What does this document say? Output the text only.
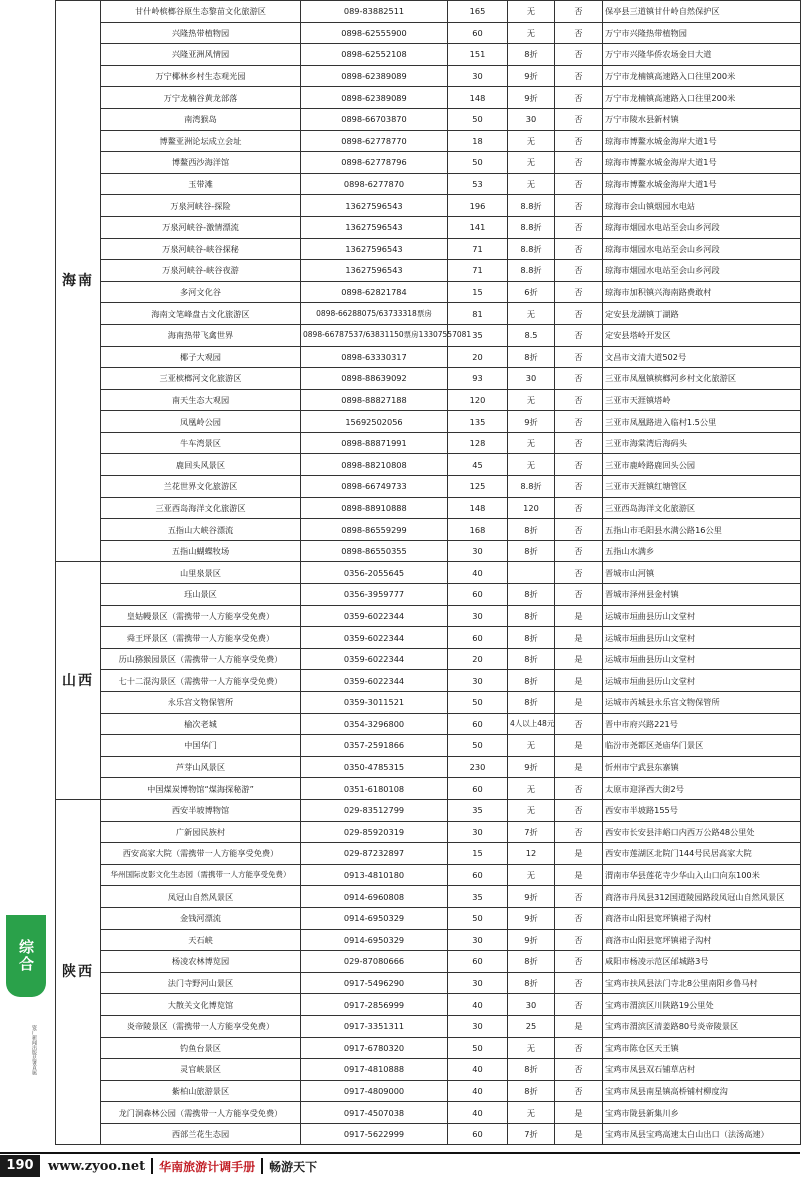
综合
资广新闻出版总署直属
海南	甘什岭槟榔谷原生态黎苗文化旅游区	089-83882511	165	无	否	保亭县三道镇甘什岭自然保护区
	兴隆热带植物园	0898-62555900	60	无	否	万宁市兴隆热带植物园
	兴隆亚洲风情园	0898-62552108	151	8折	否	万宁市兴隆华侨农场金日大道
	万宁椰林乡村生态观光园	0898-62389089	30	9折	否	万宁市龙楠镇高速路入口往里200米
	万宁龙楠谷黄龙部落	0898-62389089	148	9折	否	万宁市龙楠镇高速路入口往里200米
	南湾猴岛	0898-66703870	50	30	否	万宁市陵水县新村镇
	博鳌亚洲论坛成立会址	0898-62778770	18	无	否	琼海市博鳌水城金海岸大道1号
	博鳌西沙海洋馆	0898-62778796	50	无	否	琼海市博鳌水城金海岸大道1号
	玉带滩	0898-6277870	53	无	否	琼海市博鳌水城金海岸大道1号
	万泉河峡谷-探险	13627596543	196	8.8折	否	琼海市会山镇烟园水电站
	万泉河峡谷-激情漂流	13627596543	141	8.8折	否	琼海市烟园水电站至会山乡河段
	万泉河峡谷-峡谷探秘	13627596543	71	8.8折	否	琼海市烟园水电站至会山乡河段
	万泉河峡谷-峡谷夜游	13627596543	71	8.8折	否	琼海市烟园水电站至会山乡河段
	多河文化谷	0898-62821784	15	6折	否	琼海市加积镇兴海南路费敢村
	海南文笔峰盘古文化旅游区	0898-66288075/63733318票房	81	无	否	定安县龙湖镇丁湖路
	海南热带飞禽世界	0898-66787537/63831150票房13307557081	35	8.5	否	定安县塔岭开发区
	椰子大观园	0898-63330317	20	8折	否	文昌市文清大道502号
	三亚槟榔河文化旅游区	0898-88639092	93	30	否	三亚市凤凰镇槟榔河乡村文化旅游区
	南天生态大观园	0898-88827188	120	无	否	三亚市天涯镇塔岭
	凤凰岭公园	15692502056	135	9折	否	三亚市凤凰路进入临村1.5公里
	牛车湾景区	0898-88871991	128	无	否	三亚市海棠湾后海码头
	鹿回头风景区	0898-88210808	45	无	否	三亚市鹿岭路鹿回头公园
	兰花世界文化旅游区	0898-66749733	125	8.8折	否	三亚市天涯镇红塘管区
	三亚西岛海洋文化旅游区	0898-88910888	148	120	否	三亚西岛海洋文化旅游区
	五指山大峡谷漂流	0898-86559299	168	8折	否	五指山市毛阳县水满公路16公里
	五指山蝴蝶牧场	0898-86550355	30	8折	否	五指山水满乡
山西	山里泉景区	0356-2055645	40		否	晋城市山河镇
	珏山景区	0356-3959777	60	8折	否	晋城市泽州县金村镇
	皇姑幔景区（需携带一人方能享受免费）	0359-6022344	30	8折	是	运城市垣曲县历山文堂村
	舜王坪景区（需携带一人方能享受免费）	0359-6022344	60	8折	是	运城市垣曲县历山文堂村
	历山猕猴园景区（需携带一人方能享受免费）	0359-6022344	20	8折	是	运城市垣曲县历山文堂村
	七十二混沟景区（需携带一人方能享受免费）	0359-6022344	30	8折	是	运城市垣曲县历山文堂村
	永乐宫文物保管所	0359-3011521	50	8折	是	运城市芮城县永乐宫文物保管所
	榆次老城	0354-3296800	60	4人以上48元	否	晋中市府兴路221号
	中国华门	0357-2591866	50	无	是	临汾市尧都区尧庙华门景区
	芦芽山风景区	0350-4785315	230	9折	是	忻州市宁武县东寨镇
	中国煤炭博物馆“煤海探秘游”	0351-6180108	60	无	否	太原市迎泽西大街2号
陕西	西安半坡博物馆	029-83512799	35	无	否	西安市半坡路155号
	广新园民族村	029-85920319	30	7折	否	西安市长安县沣峪口内西万公路48公里处
	西安高家大院（需携带一人方能享受免费）	029-87232897	15	12	是	西安市莲湖区北院门144号民居高家大院
	华州国际皮影文化生态园（需携带一人方能享受免费）	0913-4810180	60	无	是	渭南市华县莲花寺少华山入山口向东100米
	凤冠山自然风景区	0914-6960808	35	9折	否	商洛市丹凤县312国道陵园路段凤冠山自然风景区
	金钱河漂流	0914-6950329	50	9折	否	商洛市山阳县宽坪镇裙子沟村
	天石峡	0914-6950329	30	9折	否	商洛市山阳县宽坪镇裙子沟村
	杨凌农林博览园	029-87080666	60	8折	否	咸阳市杨凌示范区邰城路3号
	法门寺野河山景区	0917-5496290	30	8折	否	宝鸡市扶风县法门寺北8公里南阳乡鲁马村
	大散关文化博览馆	0917-2856999	40	30	否	宝鸡市渭滨区川陕路19公里处
	炎帝陵景区（需携带一人方能享受免费）	0917-3351311	30	25	是	宝鸡市渭滨区清姜路80号炎帝陵景区
	钓鱼台景区	0917-6780320	50	无	否	宝鸡市陈仓区天王镇
	灵官峡景区	0917-4810888	40	8折	否	宝鸡市凤县双石铺草店村
	紫柏山旅游景区	0917-4809000	40	8折	否	宝鸡市凤县南星镇高桥铺村柳度沟
	龙门洞森林公园（需携带一人方能享受免费）	0917-4507038	40	无	是	宝鸡市陇县新集川乡
	西部兰花生态园	0917-5622999	60	7折	是	宝鸡市凤县宝鸡高速太白山出口（法汤高速）
190	www.zyoo.net 华南旅游计调手册 畅游天下
